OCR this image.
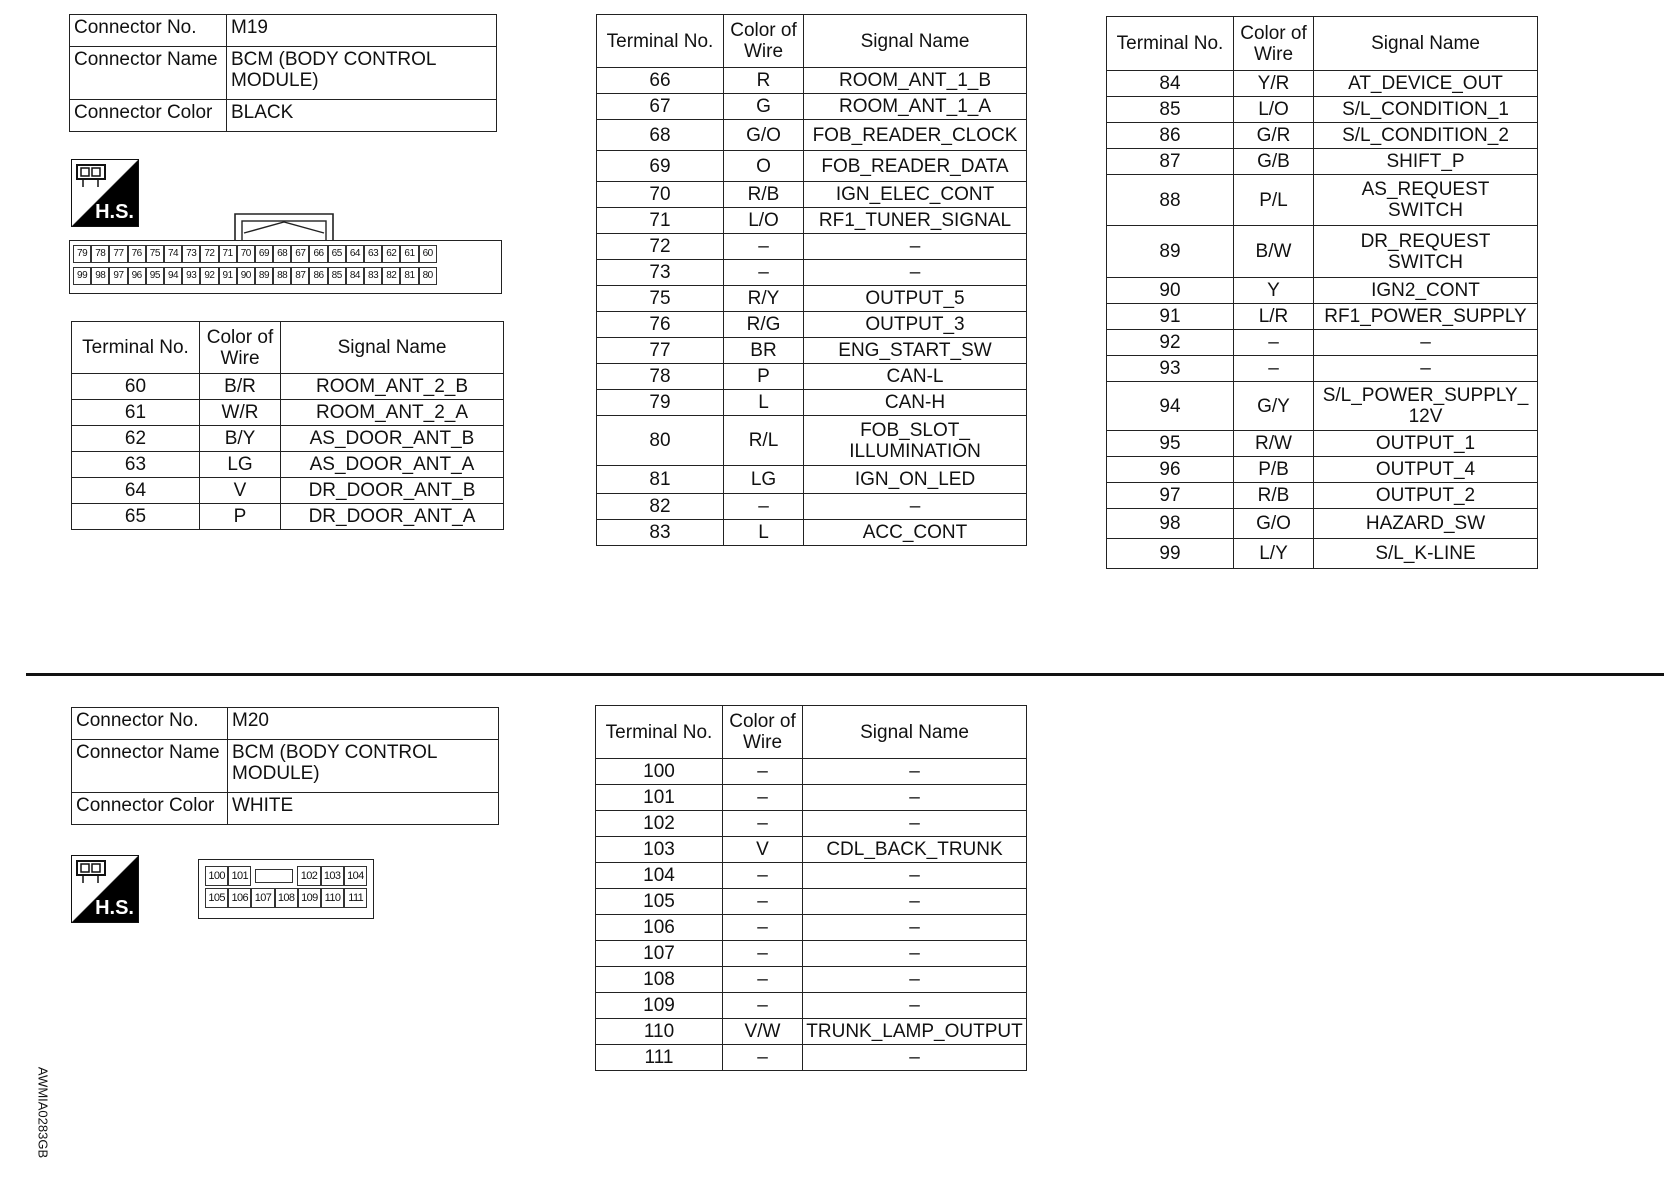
Connector No.	M19
Connector Name	BCM (BODY CONTROL MODULE)
Connector Color	BLACK
H.S.
79 78 77 76 75 74 73 72 71 70 69 68 67 66 65 64 63 62 61 60
99 98 97 96 95 94 93 92 91 90 89 88 87 86 85 84 83 82 81 80
Terminal No.	Color of Wire	Signal Name
60	B/R	ROOM_ANT_2_B
61	W/R	ROOM_ANT_2_A
62	B/Y	AS_DOOR_ANT_B
63	LG	AS_DOOR_ANT_A
64	V	DR_DOOR_ANT_B
65	P	DR_DOOR_ANT_A
Terminal No.	Color of Wire	Signal Name
66	R	ROOM_ANT_1_B
67	G	ROOM_ANT_1_A
68	G/O	FOB_READER_CLOCK
69	O	FOB_READER_DATA
70	R/B	IGN_ELEC_CONT
71	L/O	RF1_TUNER_SIGNAL
72	–	–
73	–	–
75	R/Y	OUTPUT_5
76	R/G	OUTPUT_3
77	BR	ENG_START_SW
78	P	CAN-L
79	L	CAN-H
80	R/L	FOB_SLOT_ ILLUMINATION
81	LG	IGN_ON_LED
82	–	–
83	L	ACC_CONT
Terminal No.	Color of Wire	Signal Name
84	Y/R	AT_DEVICE_OUT
85	L/O	S/L_CONDITION_1
86	G/R	S/L_CONDITION_2
87	G/B	SHIFT_P
88	P/L	AS_REQUEST SWITCH
89	B/W	DR_REQUEST SWITCH
90	Y	IGN2_CONT
91	L/R	RF1_POWER_SUPPLY
92	–	–
93	–	–
94	G/Y	S/L_POWER_SUPPLY_ 12V
95	R/W	OUTPUT_1
96	P/B	OUTPUT_4
97	R/B	OUTPUT_2
98	G/O	HAZARD_SW
99	L/Y	S/L_K-LINE
Connector No.	M20
Connector Name	BCM (BODY CONTROL MODULE)
Connector Color	WHITE
H.S.
100 101	102 103 104
105 106 107 108 109 110 111
Terminal No.	Color of Wire	Signal Name
100	–	–
101	–	–
102	–	–
103	V	CDL_BACK_TRUNK
104	–	–
105	–	–
106	–	–
107	–	–
108	–	–
109	–	–
110	V/W	TRUNK_LAMP_OUTPUT
111	–	–
AWMIA0283GB
